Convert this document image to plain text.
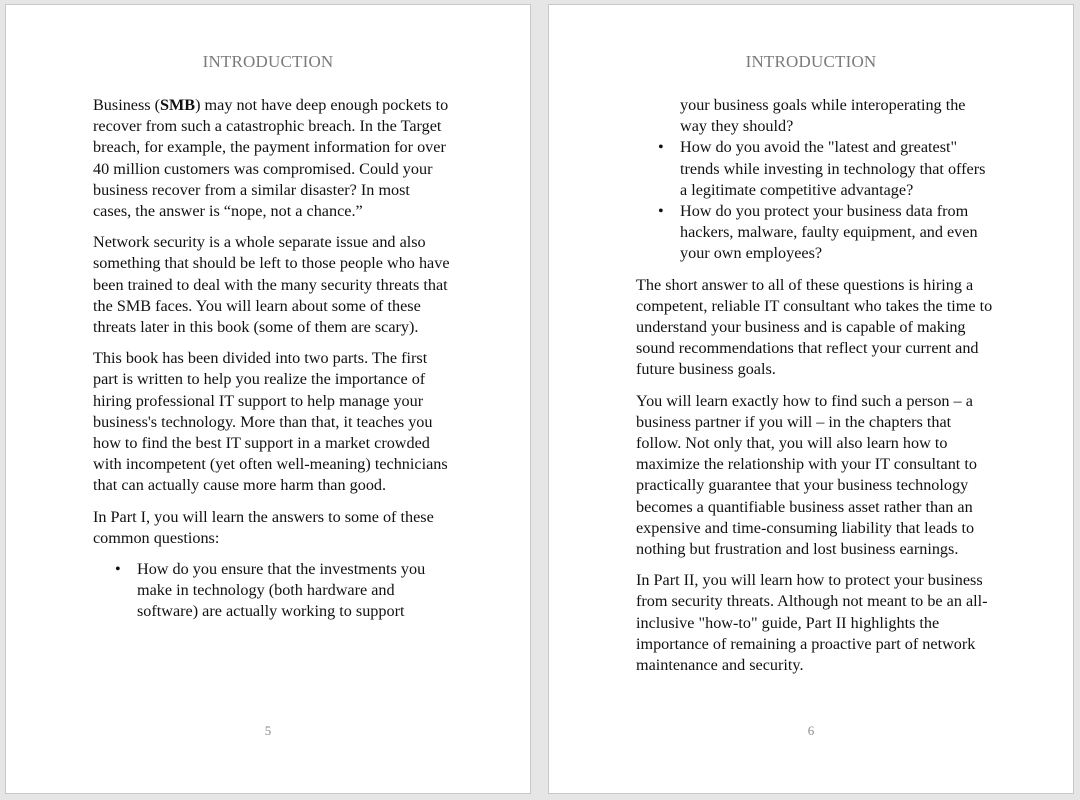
INTRODUCTION

Business (SMB) may not have deep enough pockets to recover from such a catastrophic breach. In the Target breach, for example, the payment information for over 40 million customers was compromised. Could your business recover from a similar disaster? In most cases, the answer is “nope, not a chance.”

Network security is a whole separate issue and also something that should be left to those people who have been trained to deal with the many security threats that the SMB faces. You will learn about some of these threats later in this book (some of them are scary).

This book has been divided into two parts. The first part is written to help you realize the importance of hiring professional IT support to help manage your business's technology. More than that, it teaches you how to find the best IT support in a market crowded with incompetent (yet often well-meaning) technicians that can actually cause more harm than good.

In Part I, you will learn the answers to some of these common questions:

• How do you ensure that the investments you make in technology (both hardware and software) are actually working to support
5
INTRODUCTION
your business goals while interoperating the way they should?
• How do you avoid the "latest and greatest" trends while investing in technology that offers a legitimate competitive advantage?
• How do you protect your business data from hackers, malware, faulty equipment, and even your own employees?

The short answer to all of these questions is hiring a competent, reliable IT consultant who takes the time to understand your business and is capable of making sound recommendations that reflect your current and future business goals.

You will learn exactly how to find such a person – a business partner if you will – in the chapters that follow. Not only that, you will also learn how to maximize the relationship with your IT consultant to practically guarantee that your business technology becomes a quantifiable business asset rather than an expensive and time-consuming liability that leads to nothing but frustration and lost business earnings.

In Part II, you will learn how to protect your business from security threats. Although not meant to be an all-inclusive "how-to" guide, Part II highlights the importance of remaining a proactive part of network maintenance and security.

6
